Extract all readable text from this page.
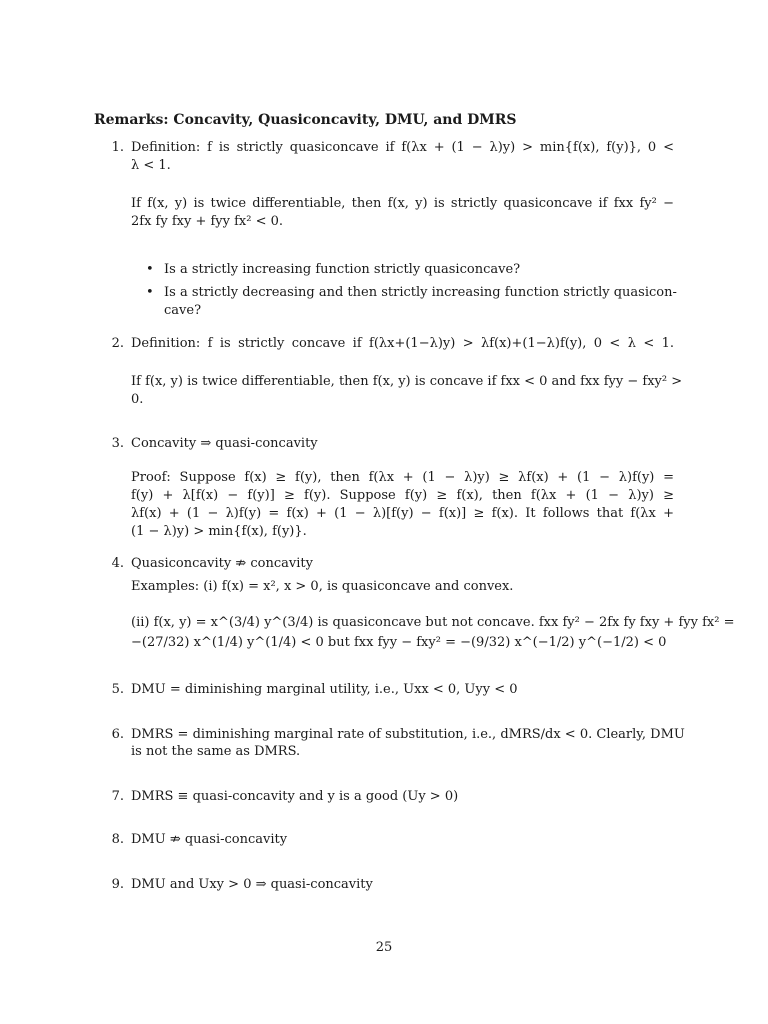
Remarks: Concavity, Quasiconcavity, DMU, and DMRS
1. Definition: f is strictly quasiconcave if f(λx + (1 − λ)y) > min{f(x), f(y)}, 0 <
λ < 1.
If f(x, y) is twice differentiable, then f(x, y) is strictly quasiconcave if fxx fy² −
2fx fy fxy + fyy fx² < 0.
• Is a strictly increasing function strictly quasiconcave?
• Is a strictly decreasing and then strictly increasing function strictly quasicon-
cave?
2. Definition: f is strictly concave if f(λx+(1−λ)y) > λf(x)+(1−λ)f(y), 0 < λ < 1.
If f(x, y) is twice differentiable, then f(x, y) is concave if fxx < 0 and fxx fyy − fxy² >
0.
3. Concavity ⇒ quasi-concavity
Proof: Suppose f(x) ≥ f(y), then f(λx + (1 − λ)y) ≥ λf(x) + (1 − λ)f(y) =
f(y) + λ[f(x) − f(y)] ≥ f(y). Suppose f(y) ≥ f(x), then f(λx + (1 − λ)y) ≥
λf(x) + (1 − λ)f(y) = f(x) + (1 − λ)[f(y) − f(x)] ≥ f(x). It follows that f(λx +
(1 − λ)y) > min{f(x), f(y)}.
4. Quasiconcavity ⇏ concavity
Examples: (i) f(x) = x², x > 0, is quasiconcave and convex.
(ii) f(x, y) = x^(3/4) y^(3/4) is quasiconcave but not concave. fxx fy² − 2fx fy fxy + fyy fx² =
−(27/32) x^(1/4) y^(1/4) < 0 but fxx fyy − fxy² = −(9/32) x^(−1/2) y^(−1/2) < 0
5. DMU = diminishing marginal utility, i.e., Uxx < 0, Uyy < 0
6. DMRS = diminishing marginal rate of substitution, i.e., dMRS/dx < 0. Clearly, DMU
is not the same as DMRS.
7. DMRS ≡ quasi-concavity and y is a good (Uy > 0)
8. DMU ⇏ quasi-concavity
9. DMU and Uxy > 0 ⇒ quasi-concavity
25
